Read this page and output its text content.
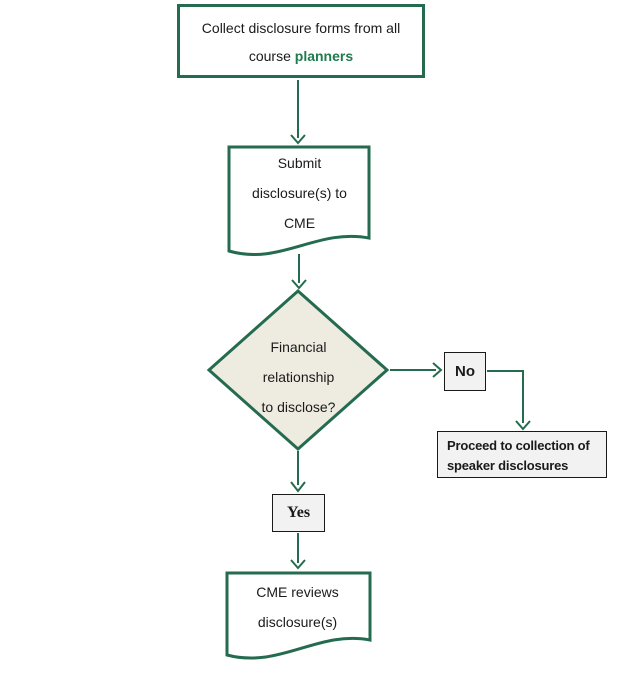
Collect disclosure forms from all
course planners
Submit
disclosure(s) to
CME
Financial
relationship
to disclose?
No
Proceed to collection of
speaker disclosures
Yes
CME reviews
disclosure(s)
